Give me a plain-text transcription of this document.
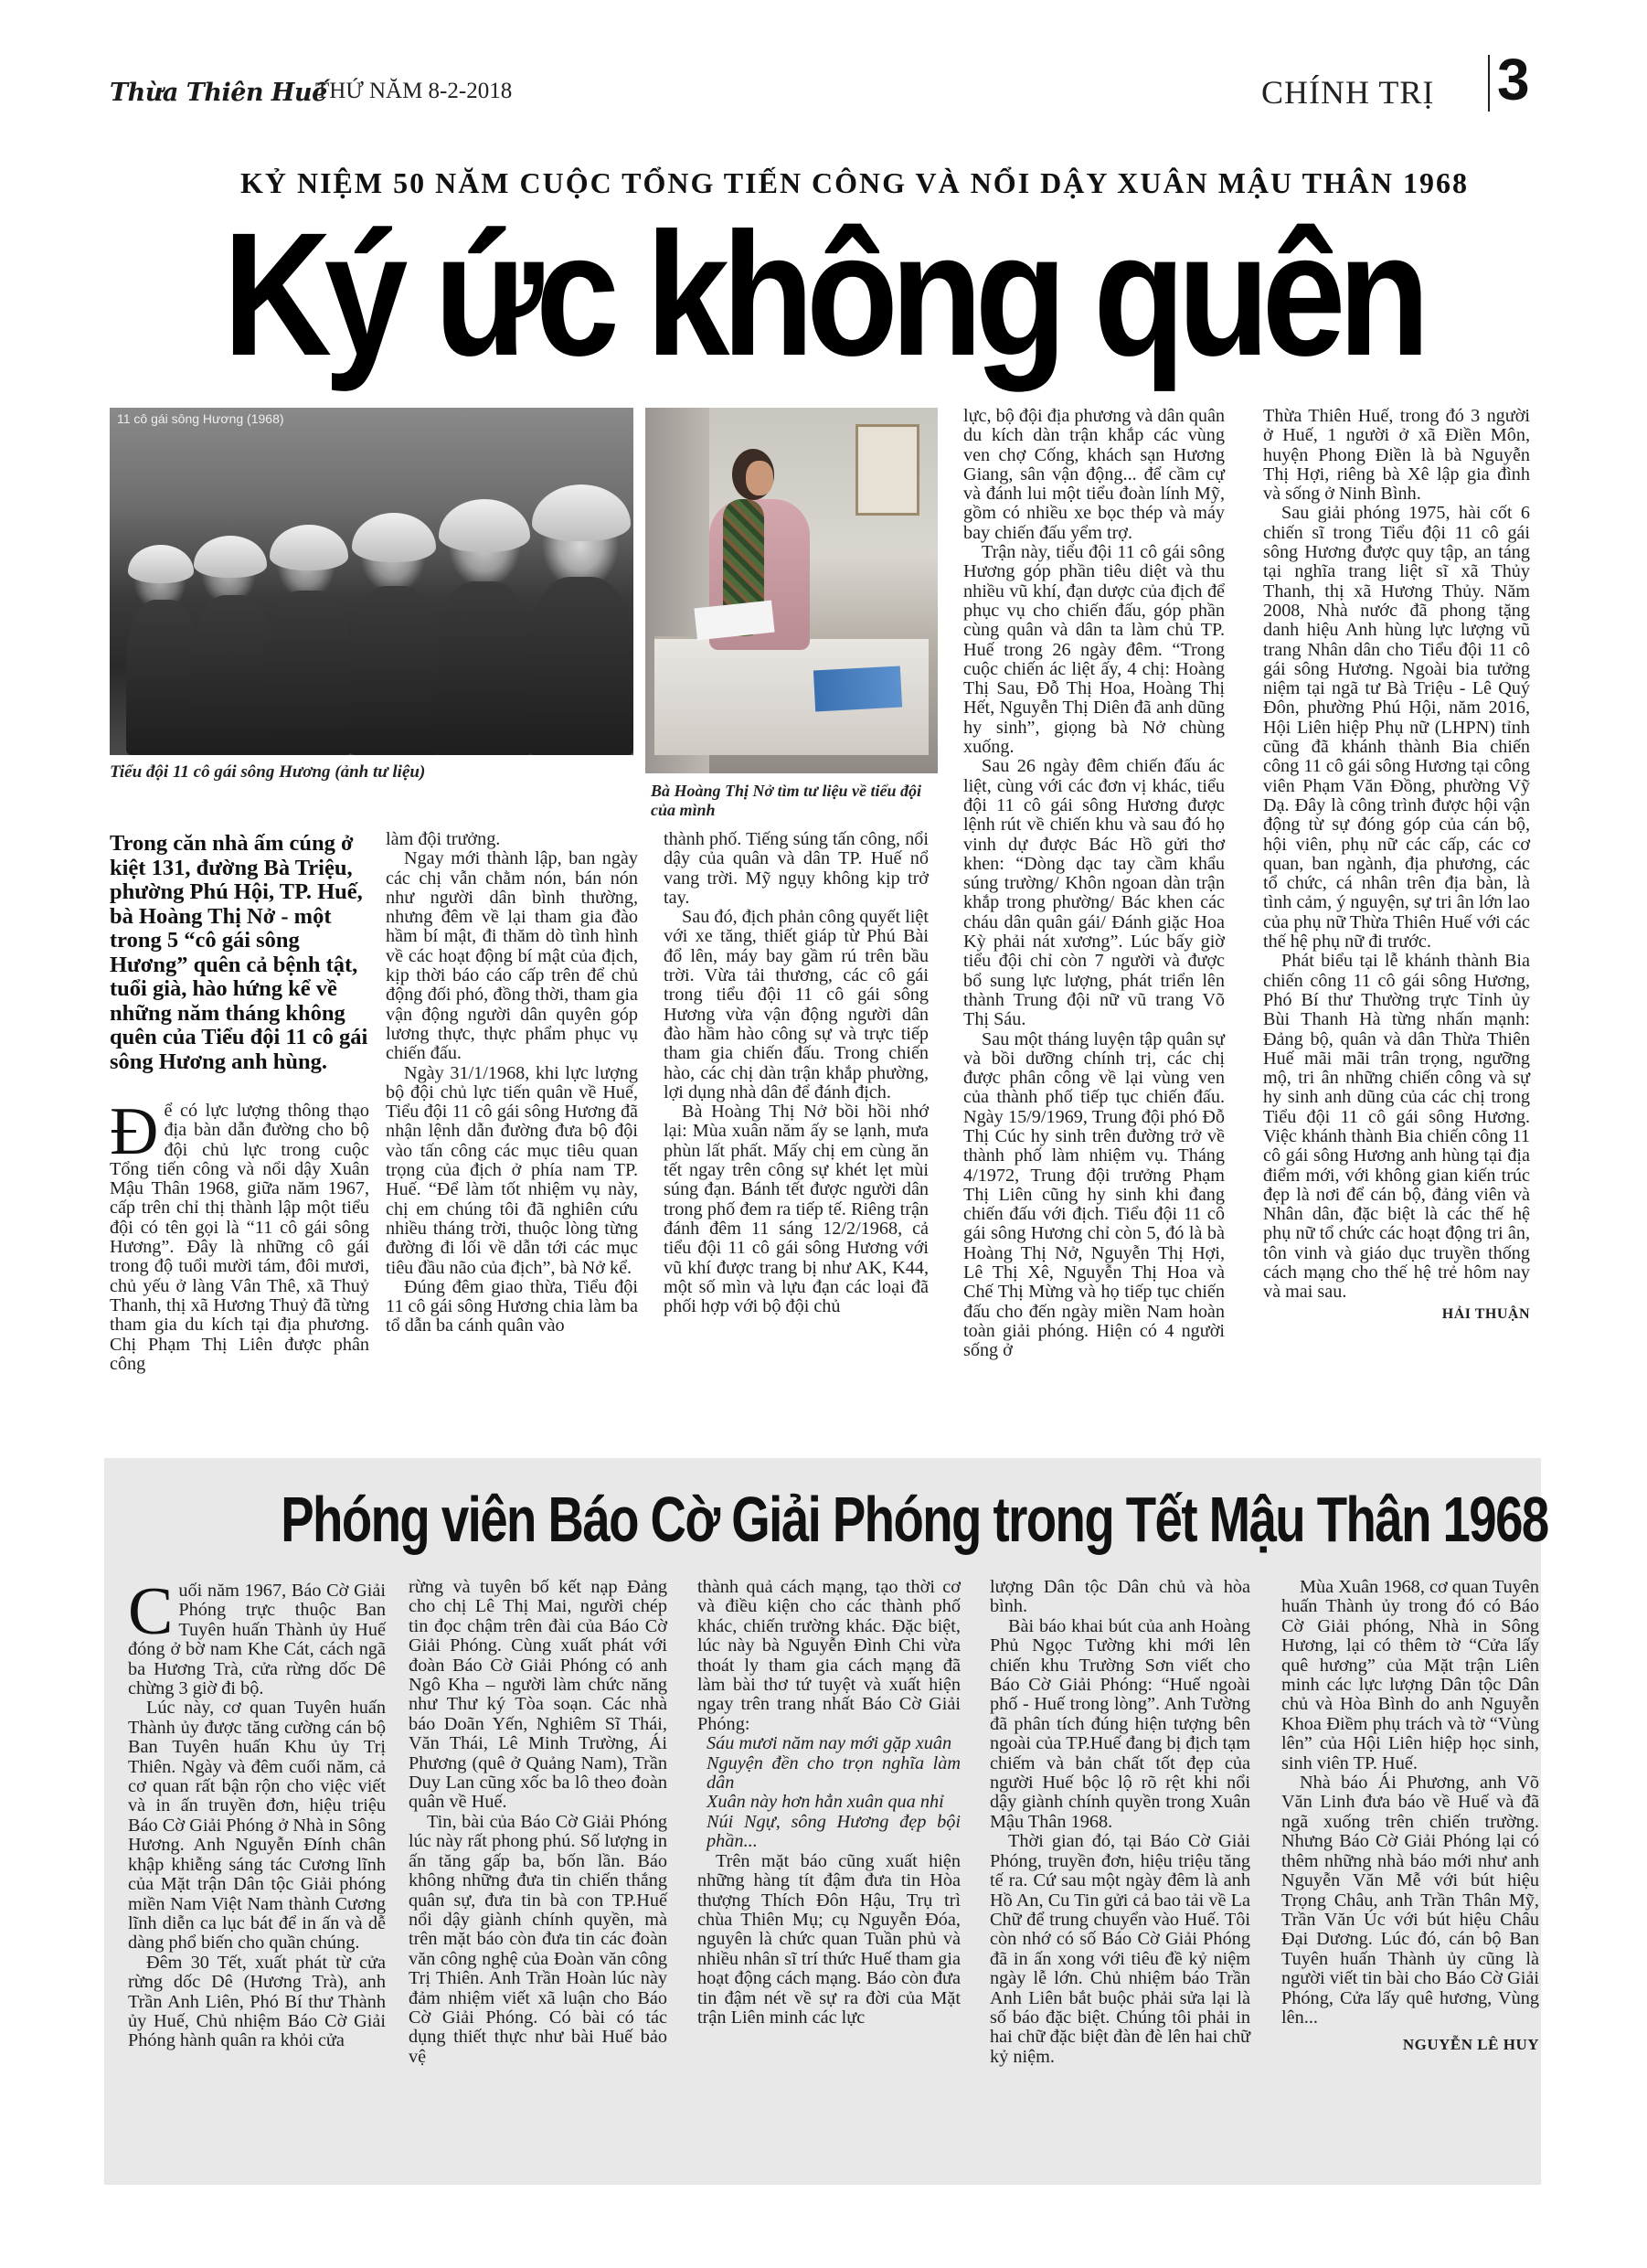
Thừa Thiên Huế
THỨ NĂM 8-2-2018	CHÍNH TRỊ 3
KỶ NIỆM 50 NĂM CUỘC TỔNG TIẾN CÔNG VÀ NỔI DẬY XUÂN MẬU THÂN 1968
Ký ức không quên
11 cô gái sông Hương (1968)
Tiểu đội 11 cô gái sông Hương (ảnh tư liệu)
Bà Hoàng Thị Nở tìm tư liệu về tiểu đội của mình
Trong căn nhà ấm cúng ở kiệt 131, đường Bà Triệu, phường Phú Hội, TP. Huế, bà Hoàng Thị Nở - một trong 5 “cô gái sông Hương” quên cả bệnh tật, tuổi già, hào hứng kể về những năm tháng không quên của Tiểu đội 11 cô gái sông Hương anh hùng.

Để có lực lượng thông thạo địa bàn dẫn đường cho bộ đội chủ lực trong cuộc Tổng tiến công và nổi dậy Xuân Mậu Thân 1968, giữa năm 1967, cấp trên chỉ thị thành lập một tiểu đội có tên gọi là “11 cô gái sông Hương”. Đây là những cô gái trong độ tuổi mười tám, đôi mươi, chủ yếu ở làng Vân Thê, xã Thuỷ Thanh, thị xã Hương Thuỷ đã từng tham gia du kích tại địa phương. Chị Phạm Thị Liên được phân công

làm đội trưởng.

Ngay mới thành lập, ban ngày các chị vẫn chằm nón, bán nón như người dân bình thường, nhưng đêm về lại tham gia đào hầm bí mật, đi thăm dò tình hình về các hoạt động bí mật của địch, kịp thời báo cáo cấp trên để chủ động đối phó, đồng thời, tham gia vận động người dân quyên góp lương thực, thực phẩm phục vụ chiến đấu.

Ngày 31/1/1968, khi lực lượng bộ đội chủ lực tiến quân về Huế, Tiểu đội 11 cô gái sông Hương đã nhận lệnh dẫn đường đưa bộ đội vào tấn công các mục tiêu quan trọng của địch ở phía nam TP. Huế. “Để làm tốt nhiệm vụ này, chị em chúng tôi đã nghiên cứu nhiều tháng trời, thuộc lòng từng đường đi lối về dẫn tới các mục tiêu đầu não của địch”, bà Nở kể.

Đúng đêm giao thừa, Tiểu đội 11 cô gái sông Hương chia làm ba tổ dẫn ba cánh quân vào

thành phố. Tiếng súng tấn công, nổi dậy của quân và dân TP. Huế nổ vang trời. Mỹ ngụy không kịp trở tay.

Sau đó, địch phản công quyết liệt với xe tăng, thiết giáp từ Phú Bài đổ lên, máy bay gầm rú trên bầu trời. Vừa tải thương, các cô gái trong tiểu đội 11 cô gái sông Hương vừa vận động người dân đào hầm hào công sự và trực tiếp tham gia chiến đấu. Trong chiến hào, các chị dàn trận khắp phường, lợi dụng nhà dân để đánh địch.

Bà Hoàng Thị Nở bồi hồi nhớ lại: Mùa xuân năm ấy se lạnh, mưa phùn lất phất. Mấy chị em cùng ăn tết ngay trên công sự khét lẹt mùi súng đạn. Bánh tết được người dân trong phố đem ra tiếp tế. Riêng trận đánh đêm 11 sáng 12/2/1968, cả tiểu đội 11 cô gái sông Hương với vũ khí được trang bị như AK, K44, một số mìn và lựu đạn các loại đã phối hợp với bộ đội chủ

lực, bộ đội địa phương và dân quân du kích dàn trận khắp các vùng ven chợ Cống, khách sạn Hương Giang, sân vận động... để cầm cự và đánh lui một tiểu đoàn lính Mỹ, gồm có nhiều xe bọc thép và máy bay chiến đấu yểm trợ.

Trận này, tiểu đội 11 cô gái sông Hương góp phần tiêu diệt và thu nhiều vũ khí, đạn dược của địch để phục vụ cho chiến đấu, góp phần cùng quân và dân ta làm chủ TP. Huế trong 26 ngày đêm. “Trong cuộc chiến ác liệt ấy, 4 chị: Hoàng Thị Sau, Đỗ Thị Hoa, Hoàng Thị Hết, Nguyễn Thị Diên đã anh dũng hy sinh”, giọng bà Nở chùng xuống.

Sau 26 ngày đêm chiến đấu ác liệt, cùng với các đơn vị khác, tiểu đội 11 cô gái sông Hương được lệnh rút về chiến khu và sau đó họ vinh dự được Bác Hồ gửi thơ khen: “Dòng dạc tay cầm khẩu súng trường/ Khôn ngoan dàn trận khắp trong phường/ Bác khen các cháu dân quân gái/ Đánh giặc Hoa Kỳ phải nát xương”. Lúc bấy giờ tiểu đội chỉ còn 7 người và được bổ sung lực lượng, phát triển lên thành Trung đội nữ vũ trang Võ Thị Sáu.

Sau một tháng luyện tập quân sự và bồi dưỡng chính trị, các chị được phân công về lại vùng ven của thành phố tiếp tục chiến đấu. Ngày 15/9/1969, Trung đội phó Đỗ Thị Cúc hy sinh trên đường trở về thành phố làm nhiệm vụ. Tháng 4/1972, Trung đội trưởng Phạm Thị Liên cũng hy sinh khi đang chiến đấu với địch. Tiểu đội 11 cô gái sông Hương chỉ còn 5, đó là bà Hoàng Thị Nở, Nguyễn Thị Hợi, Lê Thị Xê, Nguyễn Thị Hoa và Chế Thị Mừng và họ tiếp tục chiến đấu cho đến ngày miền Nam hoàn toàn giải phóng. Hiện có 4 người sống ở

Thừa Thiên Huế, trong đó 3 người ở Huế, 1 người ở xã Điền Môn, huyện Phong Điền là bà Nguyễn Thị Hợi, riêng bà Xê lập gia đình và sống ở Ninh Bình.

Sau giải phóng 1975, hài cốt 6 chiến sĩ trong Tiểu đội 11 cô gái sông Hương được quy tập, an táng tại nghĩa trang liệt sĩ xã Thủy Thanh, thị xã Hương Thủy. Năm 2008, Nhà nước đã phong tặng danh hiệu Anh hùng lực lượng vũ trang Nhân dân cho Tiểu đội 11 cô gái sông Hương. Ngoài bia tưởng niệm tại ngã tư Bà Triệu - Lê Quý Đôn, phường Phú Hội, năm 2016, Hội Liên hiệp Phụ nữ (LHPN) tỉnh cũng đã khánh thành Bia chiến công 11 cô gái sông Hương tại công viên Phạm Văn Đồng, phường Vỹ Dạ. Đây là công trình được hội vận động từ sự đóng góp của cán bộ, hội viên, phụ nữ các cấp, các cơ quan, ban ngành, địa phương, các tổ chức, cá nhân trên địa bàn, là tình cảm, ý nguyện, sự tri ân lớn lao của phụ nữ Thừa Thiên Huế với các thế hệ phụ nữ đi trước.

Phát biểu tại lễ khánh thành Bia chiến công 11 cô gái sông Hương, Phó Bí thư Thường trực Tỉnh ủy Bùi Thanh Hà từng nhấn mạnh: Đảng bộ, quân và dân Thừa Thiên Huế mãi mãi trân trọng, ngưỡng mộ, tri ân những chiến công và sự hy sinh anh dũng của các chị trong Tiểu đội 11 cô gái sông Hương. Việc khánh thành Bia chiến công 11 cô gái sông Hương anh hùng tại địa điểm mới, với không gian kiến trúc đẹp là nơi để cán bộ, đảng viên và Nhân dân, đặc biệt là các thế hệ phụ nữ tổ chức các hoạt động tri ân, tôn vinh và giáo dục truyền thống cách mạng cho thế hệ trẻ hôm nay và mai sau.

HẢI THUẬN
Phóng viên Báo Cờ Giải Phóng trong Tết Mậu Thân 1968

Cuối năm 1967, Báo Cờ Giải Phóng trực thuộc Ban Tuyên huấn Thành ủy Huế đóng ở bờ nam Khe Cát, cách ngã ba Hương Trà, cửa rừng dốc Dê chừng 3 giờ đi bộ.

Lúc này, cơ quan Tuyên huấn Thành ủy được tăng cường cán bộ Ban Tuyên huấn Khu ủy Trị Thiên. Ngày và đêm cuối năm, cả cơ quan rất bận rộn cho việc viết và in ấn truyền đơn, hiệu triệu Báo Cờ Giải Phóng ở Nhà in Sông Hương. Anh Nguyễn Đính chân khập khiễng sáng tác Cương lĩnh của Mặt trận Dân tộc Giải phóng miền Nam Việt Nam thành Cương lĩnh diễn ca lục bát để in ấn và dễ dàng phổ biến cho quần chúng.

Đêm 30 Tết, xuất phát từ cửa rừng dốc Dê (Hương Trà), anh Trần Anh Liên, Phó Bí thư Thành ủy Huế, Chủ nhiệm Báo Cờ Giải Phóng hành quân ra khỏi cửa

rừng và tuyên bố kết nạp Đảng cho chị Lê Thị Mai, người chép tin đọc chậm trên đài của Báo Cờ Giải Phóng. Cùng xuất phát với đoàn Báo Cờ Giải Phóng có anh Ngô Kha – người làm chức năng như Thư ký Tòa soạn. Các nhà báo Doãn Yến, Nghiêm Sĩ Thái, Văn Thái, Lê Minh Trường, Ái Phương (quê ở Quảng Nam), Trần Duy Lan cũng xốc ba lô theo đoàn quân về Huế.

Tin, bài của Báo Cờ Giải Phóng lúc này rất phong phú. Số lượng in ấn tăng gấp ba, bốn lần. Báo không những đưa tin chiến thắng quân sự, đưa tin bà con TP.Huế nổi dậy giành chính quyền, mà trên mặt báo còn đưa tin các đoàn văn công nghệ của Đoàn văn công Trị Thiên. Anh Trần Hoàn lúc này đảm nhiệm viết xã luận cho Báo Cờ Giải Phóng. Có bài có tác dụng thiết thực như bài Huế bảo vệ

thành quả cách mạng, tạo thời cơ và điều kiện cho các thành phố khác, chiến trường khác. Đặc biệt, lúc này bà Nguyễn Đình Chi vừa thoát ly tham gia cách mạng đã làm bài thơ tứ tuyệt và xuất hiện ngay trên trang nhất Báo Cờ Giải Phóng:

Sáu mươi năm nay mới gặp xuân

Nguyện đền cho trọn nghĩa làm dân

Xuân này hơn hẳn xuân qua nhỉ

Núi Ngự, sông Hương đẹp bội phần...

Trên mặt báo cũng xuất hiện những hàng tít đậm đưa tin Hòa thượng Thích Đôn Hậu, Trụ trì chùa Thiên Mụ; cụ Nguyễn Đóa, nguyên là chức quan Tuần phủ và nhiều nhân sĩ trí thức Huế tham gia hoạt động cách mạng. Báo còn đưa tin đậm nét về sự ra đời của Mặt trận Liên minh các lực

lượng Dân tộc Dân chủ và hòa bình.

Bài báo khai bút của anh Hoàng Phủ Ngọc Tường khi mới lên chiến khu Trường Sơn viết cho Báo Cờ Giải Phóng: “Huế ngoài phố - Huế trong lòng”. Anh Tường đã phân tích đúng hiện tượng bên ngoài của TP.Huế đang bị địch tạm chiếm và bản chất tốt đẹp của người Huế bộc lộ rõ rệt khi nổi dậy giành chính quyền trong Xuân Mậu Thân 1968.

Thời gian đó, tại Báo Cờ Giải Phóng, truyền đơn, hiệu triệu tăng tế ra. Cứ sau một ngày đêm là anh Hồ An, Cu Tin gửi cả bao tải về La Chữ để trung chuyển vào Huế. Tôi còn nhớ có số Báo Cờ Giải Phóng đã in ấn xong với tiêu đề kỷ niệm ngày lễ lớn. Chủ nhiệm báo Trần Anh Liên bắt buộc phải sửa lại là số báo đặc biệt. Chúng tôi phải in hai chữ đặc biệt đàn đè lên hai chữ kỷ niệm.

Mùa Xuân 1968, cơ quan Tuyên huấn Thành ủy trong đó có Báo Cờ Giải phóng, Nhà in Sông Hương, lại có thêm tờ “Cửa lấy quê hương” của Mặt trận Liên minh các lực lượng Dân tộc Dân chủ và Hòa Bình do anh Nguyễn Khoa Điềm phụ trách và tờ “Vùng lên” của Hội Liên hiệp học sinh, sinh viên TP. Huế.

Nhà báo Ái Phương, anh Võ Văn Linh đưa báo về Huế và đã ngã xuống trên chiến trường. Nhưng Báo Cờ Giải Phóng lại có thêm những nhà báo mới như anh Nguyễn Văn Mễ với bút hiệu Trọng Châu, anh Trần Thân Mỹ, Trần Văn Úc với bút hiệu Châu Đại Dương. Lúc đó, cán bộ Ban Tuyên huấn Thành ủy cũng là người viết tin bài cho Báo Cờ Giải Phóng, Cửa lấy quê hương, Vùng lên...

NGUYỄN LÊ HUY
